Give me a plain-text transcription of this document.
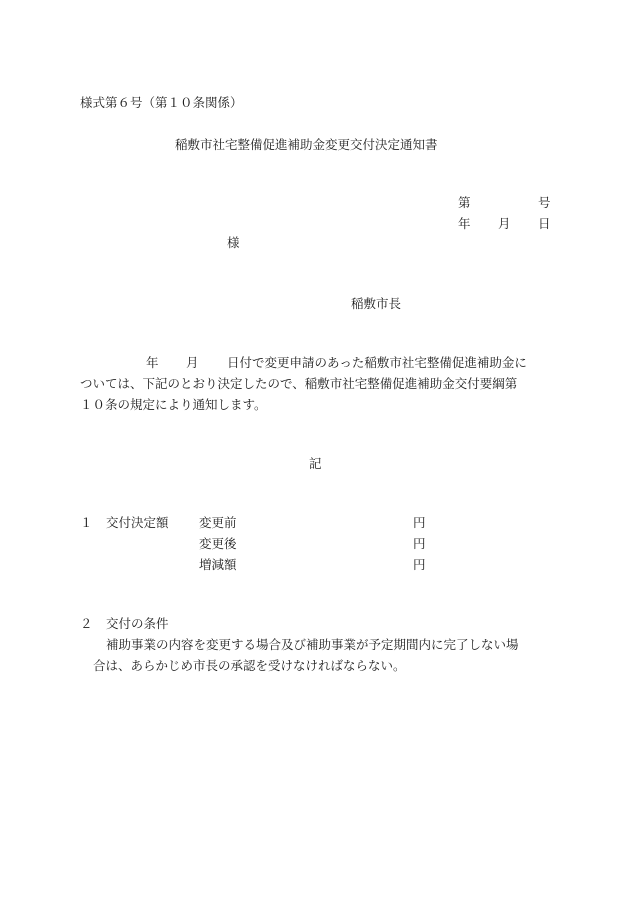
様式第６号（第１０条関係）
稲敷市社宅整備促進補助金変更交付決定通知書
第	号
年 月 日
様
稲敷市長
年 月 日付で変更申請のあった稲敷市社宅整備促進補助金に
ついては、下記のとおり決定したので、稲敷市社宅整備促進補助金交付要綱第
１０条の規定により通知します。
記
１ 交付決定額 変更前	円
変更後	円
増減額	円
２ 交付の条件
補助事業の内容を変更する場合及び補助事業が予定期間内に完了しない場
合は、あらかじめ市長の承認を受けなければならない。
